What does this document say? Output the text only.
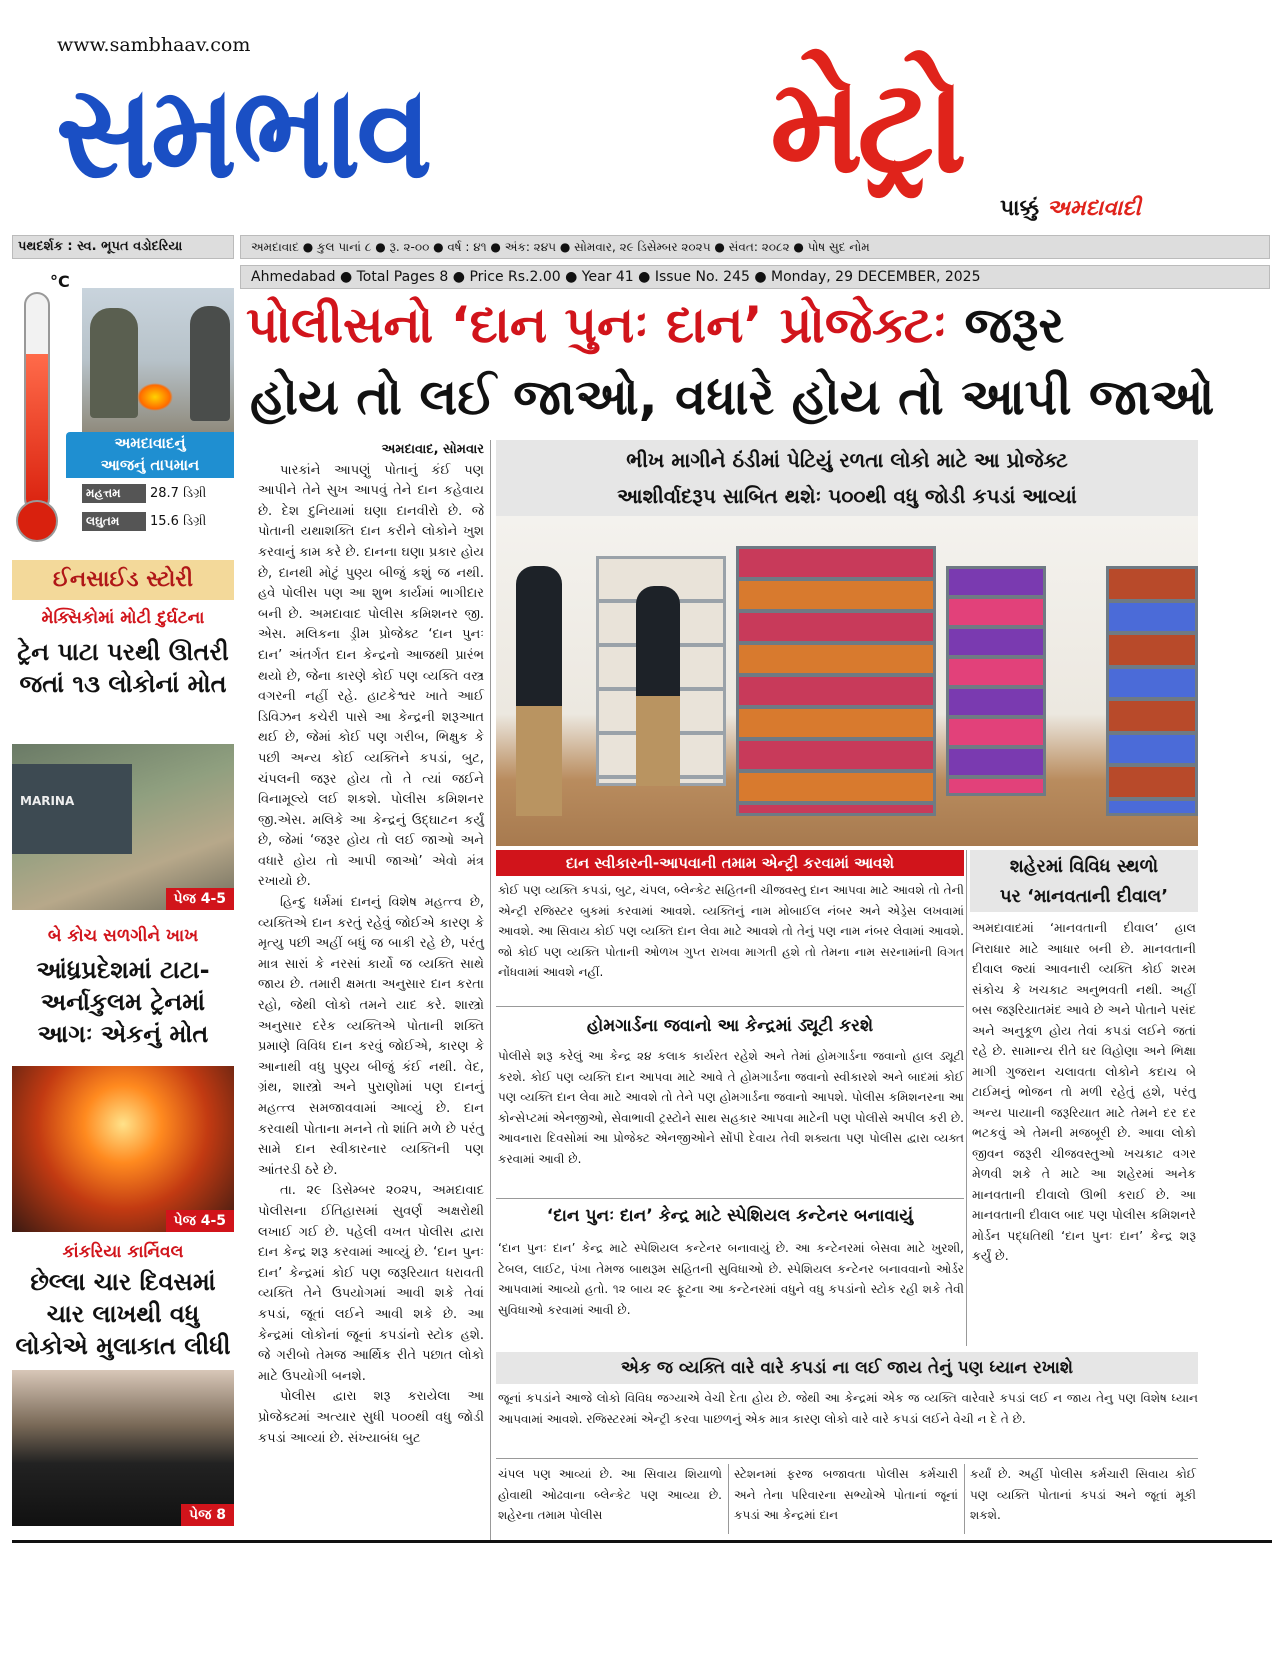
www.sambhaav.com
સમભાવ	મેટ્રો
પાક્કું અમદાવાદી
પથદર્શક : સ્વ. ભૂપત વડોદરિયા	અમદાવાદ ● કુલ પાનાં ૮ ● રૂ. ૨-૦૦ ● વર્ષ : ૪૧ ● અંક: ૨૪૫ ● સોમવાર, ૨૯ ડિસેમ્બર ૨૦૨૫ ● સંવત: ૨૦૮૨ ● પોષ સુદ નોમ
Ahmedabad ● Total Pages 8 ● Price Rs.2.00 ● Year 41 ● Issue No. 245 ● Monday, 29 DECEMBER, 2025
°C
અમદાવાદનું
આજનું તાપમાન
મહત્તમ 28.7 ડિગ્રી
લઘુતમ 15.6 ડિગ્રી
ઈનસાઈડ સ્ટોરી
મેક્સિકોમાં મોટી દુર્ઘટના
ટ્રેન પાટા પરથી ઊતરી જતાં ૧૩ લોકોનાં મોત
MARINA
પેજ 4-5
બે કોચ સળગીને ખાખ
આંધ્રપ્રદેશમાં ટાટા-અર્નાકુલમ ટ્રેનમાં આગઃ એકનું મોત
પેજ 4-5
કાંકરિયા કાર્નિવલ
છેલ્લા ચાર દિવસમાં ચાર લાખથી વધુ લોકોએ મુલાકાત લીધી
પેજ 8
પોલીસનો ‘દાન પુનઃ દાન’ પ્રોજેક્ટઃ જરૂર
હોય તો લઈ જાઓ, વધારે હોય તો આપી જાઓ
અમદાવાદ, સોમવાર

પારકાંને આપણું પોતાનું કંઈ પણ આપીને તેને સુખ આપવું તેને દાન કહેવાય છે. દેશ દુનિયામાં ઘણા દાનવીરો છે. જે પોતાની યથાશક્તિ દાન કરીને લોકોને ખુશ કરવાનું કામ કરે છે. દાનના ઘણા પ્રકાર હોય છે, દાનથી મોટું પુણ્ય બીજું કશું જ નથી. હવે પોલીસ પણ આ શુભ કાર્યમાં ભાગીદાર બની છે. અમદાવાદ પોલીસ કમિશનર જી. એસ. મલિકના ડ્રીમ પ્રોજેક્ટ ‘દાન પુનઃ દાન’ અંતર્ગત દાન કેન્દ્રનો આજથી પ્રારંભ થયો છે, જેના કારણે કોઈ પણ વ્યક્તિ વસ્ત્ર વગરની નહીં રહે. હાટકેશ્વર ખાતે આઈ ડિવિઝન કચેરી પાસે આ કેન્દ્રની શરૂઆત થઈ છે, જેમાં કોઈ પણ ગરીબ, ભિક્ષુક કે પછી અન્ય કોઈ વ્યક્તિને કપડાં, બુટ, ચંપલની જરૂર હોય તો તે ત્યાં જઈને વિનામૂલ્યે લઈ શકશે. પોલીસ કમિશનર જી.એસ. મલિકે આ કેન્દ્રનું ઉદ્ઘાટન કર્યું છે, જેમાં ‘જરૂર હોય તો લઈ જાઓ અને વધારે હોય તો આપી જાઓ’ એવો મંત્ર રખાયો છે.

હિન્દુ ધર્મમાં દાનનું વિશેષ મહત્ત્વ છે, વ્યક્તિએ દાન કરતું રહેવું જોઈએ કારણ કે મૃત્યુ પછી અહીં બધું જ બાકી રહે છે, પરંતુ માત્ર સારાં કે નરસાં કાર્યો જ વ્યક્તિ સાથે જાય છે. તમારી ક્ષમતા અનુસાર દાન કરતા રહો, જેથી લોકો તમને યાદ કરે. શાસ્ત્રો અનુસાર દરેક વ્યક્તિએ પોતાની શક્તિ પ્રમાણે વિવિધ દાન કરવું જોઈએ, કારણ કે આનાથી વધુ પુણ્ય બીજું કંઈ નથી. વેદ, ગ્રંથ, શાસ્ત્રો અને પુરાણોમાં પણ દાનનું મહત્ત્વ સમજાવવામાં આવ્યું છે. દાન કરવાથી પોતાના મનને તો શાંતિ મળે છે પરંતુ સામે દાન સ્વીકારનાર વ્યક્તિની પણ આંતરડી ઠરે છે.

તા. ૨૯ ડિસેમ્બર ૨૦૨૫, અમદાવાદ પોલીસના ઈતિહાસમાં સુવર્ણ અક્ષરોથી લખાઈ ગઈ છે. પહેલી વખત પોલીસ દ્વારા દાન કેન્દ્ર શરૂ કરવામાં આવ્યું છે. ‘દાન પુનઃ દાન’ કેન્દ્રમાં કોઈ પણ જરૂરિયાત ધરાવતી વ્યક્તિ તેને ઉપયોગમાં આવી શકે તેવાં કપડાં, જૂતાં લઈને આવી શકે છે. આ કેન્દ્રમાં લોકોનાં જૂનાં કપડાંનો સ્ટોક હશે. જે ગરીબો તેમજ આર્થિક રીતે પછાત લોકો માટે ઉપયોગી બનશે.

પોલીસ દ્વારા શરૂ કરાયેલા આ પ્રોજેક્ટમાં અત્યાર સુધી ૫૦૦થી વધુ જોડી કપડાં આવ્યાં છે. સંખ્યાબંધ બુટ

ભીખ માગીને ઠંડીમાં પેટિયું રળતા લોકો માટે આ પ્રોજેક્ટ
આશીર્વાદરૂપ સાબિત થશેઃ ૫૦૦થી વધુ જોડી કપડાં આવ્યાં
દાન સ્વીકારની-આપવાની તમામ એન્ટ્રી કરવામાં આવશે
કોઈ પણ વ્યક્તિ કપડાં, બુટ, ચંપલ, બ્લેન્કેટ સહિતની ચીજવસ્તુ દાન આપવા માટે આવશે તો તેની એન્ટ્રી રજિસ્ટર બુકમાં કરવામાં આવશે. વ્યક્તિનું નામ મોબાઈલ નંબર અને એડ્રેસ લખવામાં આવશે. આ સિવાય કોઈ પણ વ્યક્તિ દાન લેવા માટે આવશે તો તેનું પણ નામ નંબર લેવામાં આવશે. જો કોઈ પણ વ્યક્તિ પોતાની ઓળખ ગુપ્ત રાખવા માગતી હશે તો તેમના નામ સરનામાંની વિગત નોંધવામાં આવશે નહીં.
હોમગાર્ડના જવાનો આ કેન્દ્રમાં ડ્યૂટી કરશે
પોલીસે શરૂ કરેલું આ કેન્દ્ર ૨૪ કલાક કાર્યરત રહેશે અને તેમાં હોમગાર્ડના જવાનો હાલ ડ્યૂટી કરશે. કોઈ પણ વ્યક્તિ દાન આપવા માટે આવે તે હોમગાર્ડના જવાનો સ્વીકારશે અને બાદમાં કોઈ પણ વ્યક્તિ દાન લેવા માટે આવશે તો તેને પણ હોમગાર્ડના જવાનો આપશે. પોલીસ કમિશનરના આ કોન્સેપ્ટમાં એનજીઓ, સેવાભાવી ટ્રસ્ટોને સાથ સહકાર આપવા માટેની પણ પોલીસે અપીલ કરી છે. આવનારા દિવસોમાં આ પ્રોજેક્ટ એનજીઓને સોંપી દેવાય તેવી શક્યતા પણ પોલીસ દ્વારા વ્યક્ત કરવામાં આવી છે.
‘દાન પુનઃ દાન’ કેન્દ્ર માટે સ્પેશિયલ કન્ટેનર બનાવાયું
‘દાન પુનઃ દાન’ કેન્દ્ર માટે સ્પેશિયલ કન્ટેનર બનાવાયું છે. આ કન્ટેનરમાં બેસવા માટે ખુરશી, ટેબલ, લાઈટ, પંખા તેમજ બાથરૂમ સહિતની સુવિધાઓ છે. સ્પેશિયલ કન્ટેનર બનાવવાનો ઓર્ડર આપવામાં આવ્યો હતો. ૧૨ બાય ૨૯ ફૂટના આ કન્ટેનરમાં વધુને વધુ કપડાંનો સ્ટોક રહી શકે તેવી સુવિધાઓ કરવામાં આવી છે.
શહેરમાં વિવિધ સ્થળો
પર ‘માનવતાની દીવાલ’
અમદાવાદમાં ‘માનવતાની દીવાલ’ હાલ નિરાધાર માટે આધાર બની છે. માનવતાની દીવાલ જ્યાં આવનારી વ્યક્તિ કોઈ શરમ સંકોચ કે ખચકાટ અનુભવતી નથી. અહીં બસ જરૂરિયાતમંદ આવે છે અને પોતાને પસંદ અને અનુકૂળ હોય તેવાં કપડાં લઈને જતાં રહે છે. સામાન્ય રીતે ઘર વિહોણા અને ભિક્ષા માગી ગુજરાન ચલાવતા લોકોને કદાચ બે ટાઈમનું ભોજન તો મળી રહેતું હશે, પરંતુ અન્ય પાયાની જરૂરિયાત માટે તેમને દર દર ભટકવું એ તેમની મજબૂરી છે. આવા લોકો જીવન જરૂરી ચીજવસ્તુઓ ખચકાટ વગર મેળવી શકે તે માટે આ શહેરમાં અનેક માનવતાની દીવાલો ઊભી કરાઈ છે. આ માનવતાની દીવાલ બાદ પણ પોલીસ કમિશનરે મોર્ડન પદ્ધતિથી ‘દાન પુનઃ દાન’ કેન્દ્ર શરૂ કર્યું છે.
એક જ વ્યક્તિ વારે વારે કપડાં ના લઈ જાય તેનું પણ ધ્યાન રખાશે
જૂનાં કપડાંને આજે લોકો વિવિધ જગ્યાએ વેચી દેતા હોય છે. જેથી આ કેન્દ્રમાં એક જ વ્યક્તિ વારેવારે કપડાં લઈ ન જાય તેનુ પણ વિશેષ ધ્યાન આપવામાં આવશે. રજિસ્ટરમાં એન્ટ્રી કરવા પાછળનું એક માત્ર કારણ લોકો વારે વારે કપડાં લઈને વેચી ન દે તે છે.
ચંપલ પણ આવ્યાં છે. આ સિવાય શિયાળો હોવાથી ઓઢવાના બ્લેન્કેટ પણ આવ્યા છે. શહેરના તમામ પોલીસ
સ્ટેશનમાં ફરજ બજાવતા પોલીસ કર્મચારી અને તેના પરિવારના સભ્યોએ પોતાનાં જૂનાં કપડાં આ કેન્દ્રમાં દાન
કર્યાં છે. અહીં પોલીસ કર્મચારી સિવાય કોઈ પણ વ્યક્તિ પોતાનાં કપડાં અને જૂતાં મૂકી શકશે.
